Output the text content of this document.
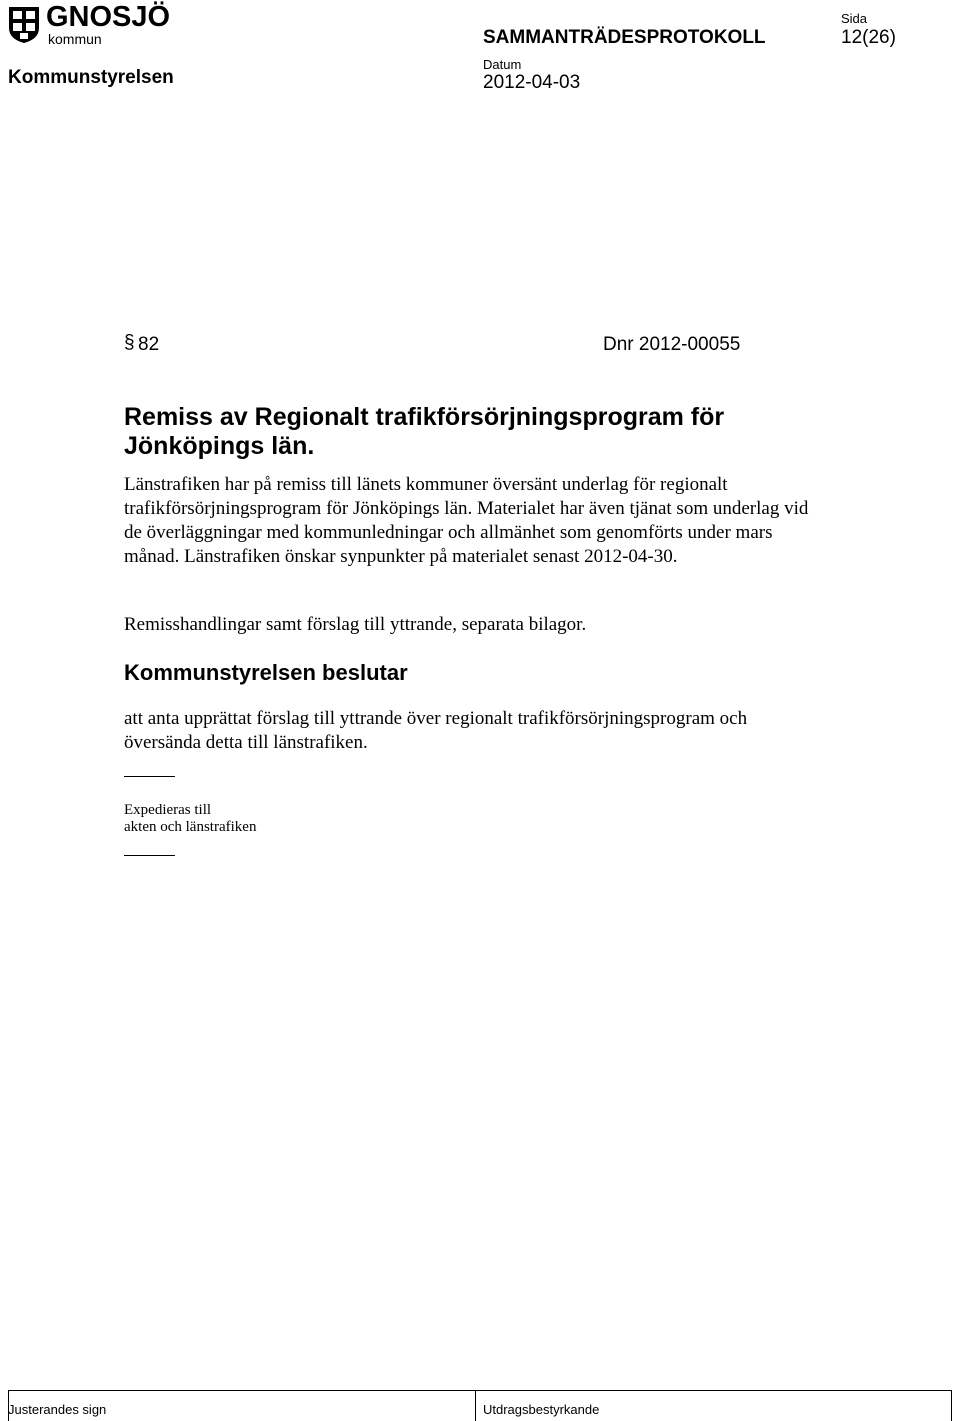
GNOSJÖ
kommun
Kommunstyrelsen
SAMMANTRÄDESPROTOKOLL
Sida
12(26)
Datum
2012-04-03
§ 82	Dnr 2012-00055
Remiss av Regionalt trafikförsörjningsprogram för Jönköpings län.
Länstrafiken har på remiss till länets kommuner översänt underlag för regionalt trafikförsörjningsprogram för Jönköpings län. Materialet har även tjänat som underlag vid de överläggningar med kommunledningar och allmänhet som genomförts under mars månad. Länstrafiken önskar synpunkter på materialet senast 2012-04-30.
Remisshandlingar samt förslag till yttrande, separata bilagor.
Kommunstyrelsen beslutar
att anta upprättat förslag till yttrande över regionalt trafikförsörjningsprogram och översända detta till länstrafiken.
Expedieras till
akten och länstrafiken
Justerandes sign	Utdragsbestyrkande
